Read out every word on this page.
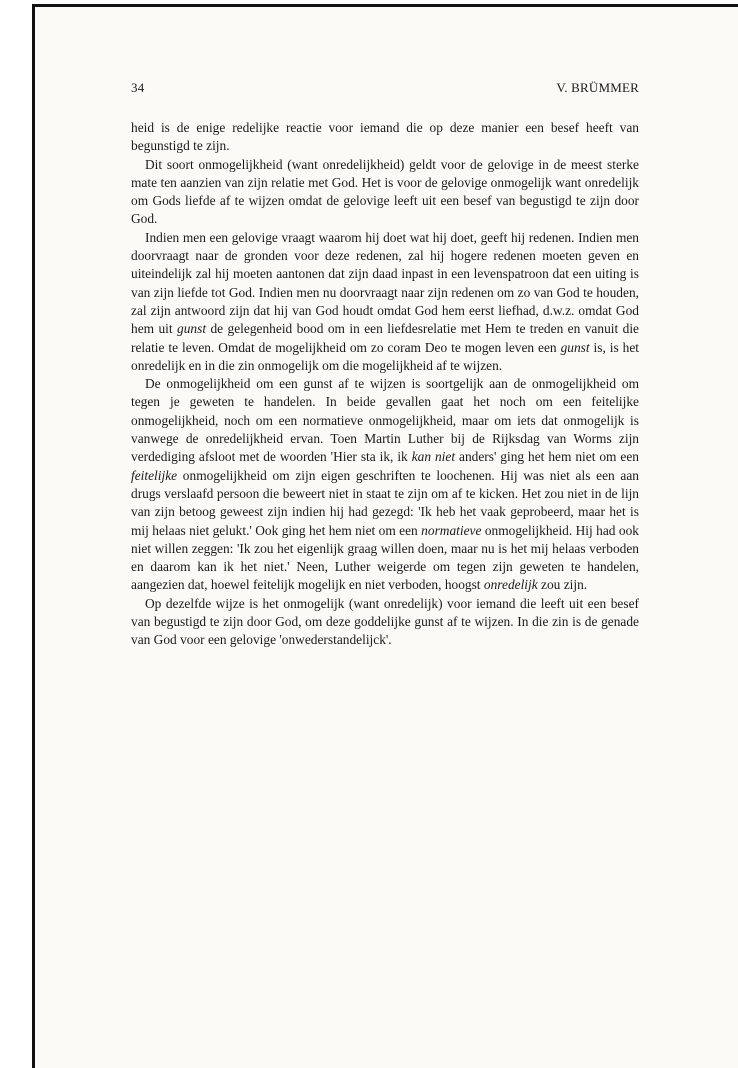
34	V. BRÜMMER

heid is de enige redelijke reactie voor iemand die op deze manier een besef heeft van begunstigd te zijn.

Dit soort onmogelijkheid (want onredelijkheid) geldt voor de gelovige in de meest sterke mate ten aanzien van zijn relatie met God. Het is voor de gelovige onmogelijk want onredelijk om Gods liefde af te wijzen omdat de gelovige leeft uit een besef van begustigd te zijn door God.

Indien men een gelovige vraagt waarom hij doet wat hij doet, geeft hij redenen. Indien men doorvraagt naar de gronden voor deze redenen, zal hij hogere redenen moeten geven en uiteindelijk zal hij moeten aantonen dat zijn daad inpast in een levenspatroon dat een uiting is van zijn liefde tot God. Indien men nu doorvraagt naar zijn redenen om zo van God te houden, zal zijn antwoord zijn dat hij van God houdt omdat God hem eerst liefhad, d.w.z. omdat God hem uit gunst de gelegenheid bood om in een liefdesrelatie met Hem te treden en vanuit die relatie te leven. Omdat de mogelijkheid om zo coram Deo te mogen leven een gunst is, is het onredelijk en in die zin onmogelijk om die mogelijkheid af te wijzen.

De onmogelijkheid om een gunst af te wijzen is soortgelijk aan de onmogelijkheid om tegen je geweten te handelen. In beide gevallen gaat het noch om een feitelijke onmogelijkheid, noch om een normatieve onmogelijkheid, maar om iets dat onmogelijk is vanwege de onredelijkheid ervan. Toen Martin Luther bij de Rijksdag van Worms zijn verdediging afsloot met de woorden 'Hier sta ik, ik kan niet anders' ging het hem niet om een feitelijke onmogelijkheid om zijn eigen geschriften te loochenen. Hij was niet als een aan drugs verslaafd persoon die beweert niet in staat te zijn om af te kicken. Het zou niet in de lijn van zijn betoog geweest zijn indien hij had gezegd: 'Ik heb het vaak geprobeerd, maar het is mij helaas niet gelukt.' Ook ging het hem niet om een normatieve onmogelijkheid. Hij had ook niet willen zeggen: 'Ik zou het eigenlijk graag willen doen, maar nu is het mij helaas verboden en daarom kan ik het niet.' Neen, Luther weigerde om tegen zijn geweten te handelen, aangezien dat, hoewel feitelijk mogelijk en niet verboden, hoogst onredelijk zou zijn.

Op dezelfde wijze is het onmogelijk (want onredelijk) voor iemand die leeft uit een besef van begustigd te zijn door God, om deze goddelijke gunst af te wijzen. In die zin is de genade van God voor een gelovige 'onwederstandelijck'.
